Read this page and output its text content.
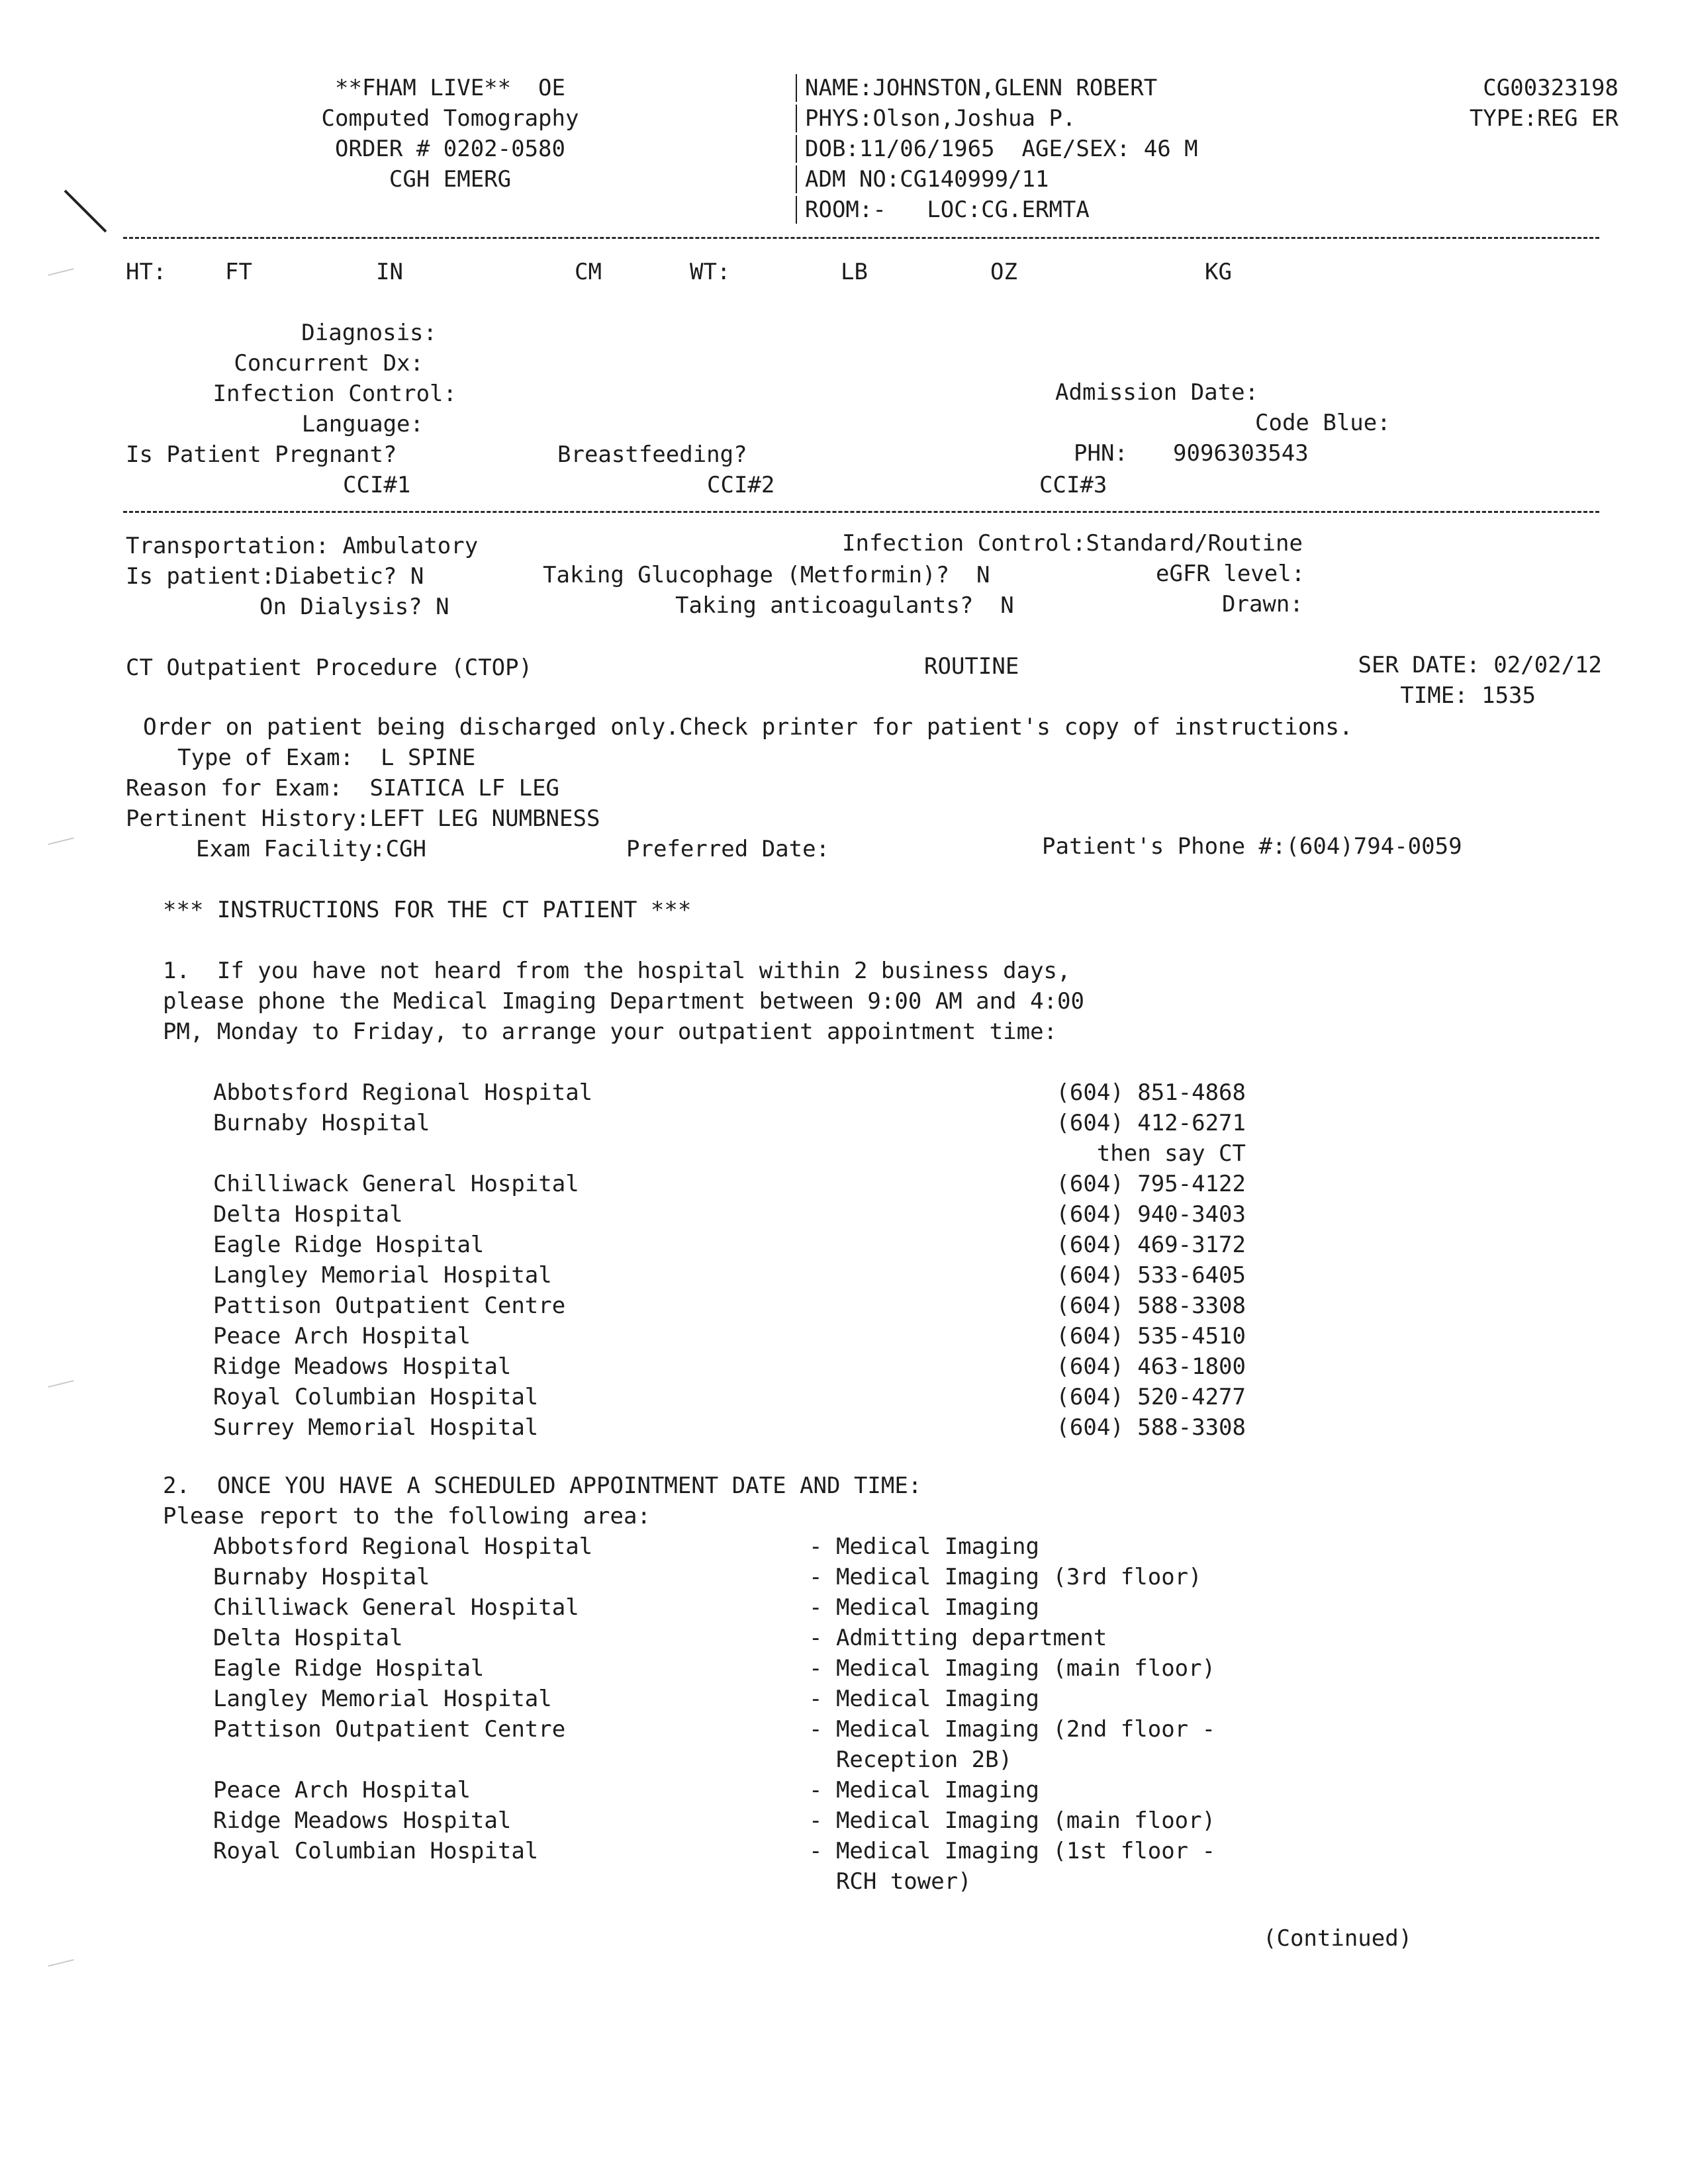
**FHAM LIVE**  OE
Computed Tomography
ORDER # 0202-0580
CGH EMERG
NAME:JOHNSTON,GLENN ROBERT
PHYS:Olson,Joshua P.
DOB:11/06/1965  AGE/SEX: 46 M
ADM NO:CG140999/11
ROOM:-   LOC:CG.ERMTA
CG00323198
TYPE:REG ER
HT:	FT	IN	CM	WT:	LB	OZ	KG
Diagnosis:
Concurrent Dx:
Infection Control:
Language:
Is Patient Pregnant?	Breastfeeding?
Admission Date:
Code Blue:
PHN: 9096303543
CCI#1	CCI#2	CCI#3
Transportation: Ambulatory	Infection Control:Standard/Routine
Is patient:Diabetic? N	Taking Glucophage (Metformin)?  N	eGFR level:
On Dialysis? N	Taking anticoagulants?  N	Drawn:
CT Outpatient Procedure (CTOP)	ROUTINE	SER DATE: 02/02/12
TIME: 1535
Order on patient being discharged only.Check printer for patient's copy of instructions.
Type of Exam:  L SPINE
Reason for Exam:  SIATICA LF LEG
Pertinent History:LEFT LEG NUMBNESS
Exam Facility:CGH	Preferred Date:	Patient's Phone #:(604)794-0059
*** INSTRUCTIONS FOR THE CT PATIENT ***
1.  If you have not heard from the hospital within 2 business days,
please phone the Medical Imaging Department between 9:00 AM and 4:00
PM, Monday to Friday, to arrange your outpatient appointment time:
Abbotsford Regional Hospital	(604) 851-4868
Burnaby Hospital	(604) 412-6271
then say CT
Chilliwack General Hospital	(604) 795-4122
Delta Hospital	(604) 940-3403
Eagle Ridge Hospital	(604) 469-3172
Langley Memorial Hospital	(604) 533-6405
Pattison Outpatient Centre	(604) 588-3308
Peace Arch Hospital	(604) 535-4510
Ridge Meadows Hospital	(604) 463-1800
Royal Columbian Hospital	(604) 520-4277
Surrey Memorial Hospital	(604) 588-3308
2.  ONCE YOU HAVE A SCHEDULED APPOINTMENT DATE AND TIME:
Please report to the following area:
Abbotsford Regional Hospital	- Medical Imaging
Burnaby Hospital	- Medical Imaging (3rd floor)
Chilliwack General Hospital	- Medical Imaging
Delta Hospital	- Admitting department
Eagle Ridge Hospital	- Medical Imaging (main floor)
Langley Memorial Hospital	- Medical Imaging
Pattison Outpatient Centre	- Medical Imaging (2nd floor -
Reception 2B)
Peace Arch Hospital	- Medical Imaging
Ridge Meadows Hospital	- Medical Imaging (main floor)
Royal Columbian Hospital	- Medical Imaging (1st floor -
RCH tower)
(Continued)
